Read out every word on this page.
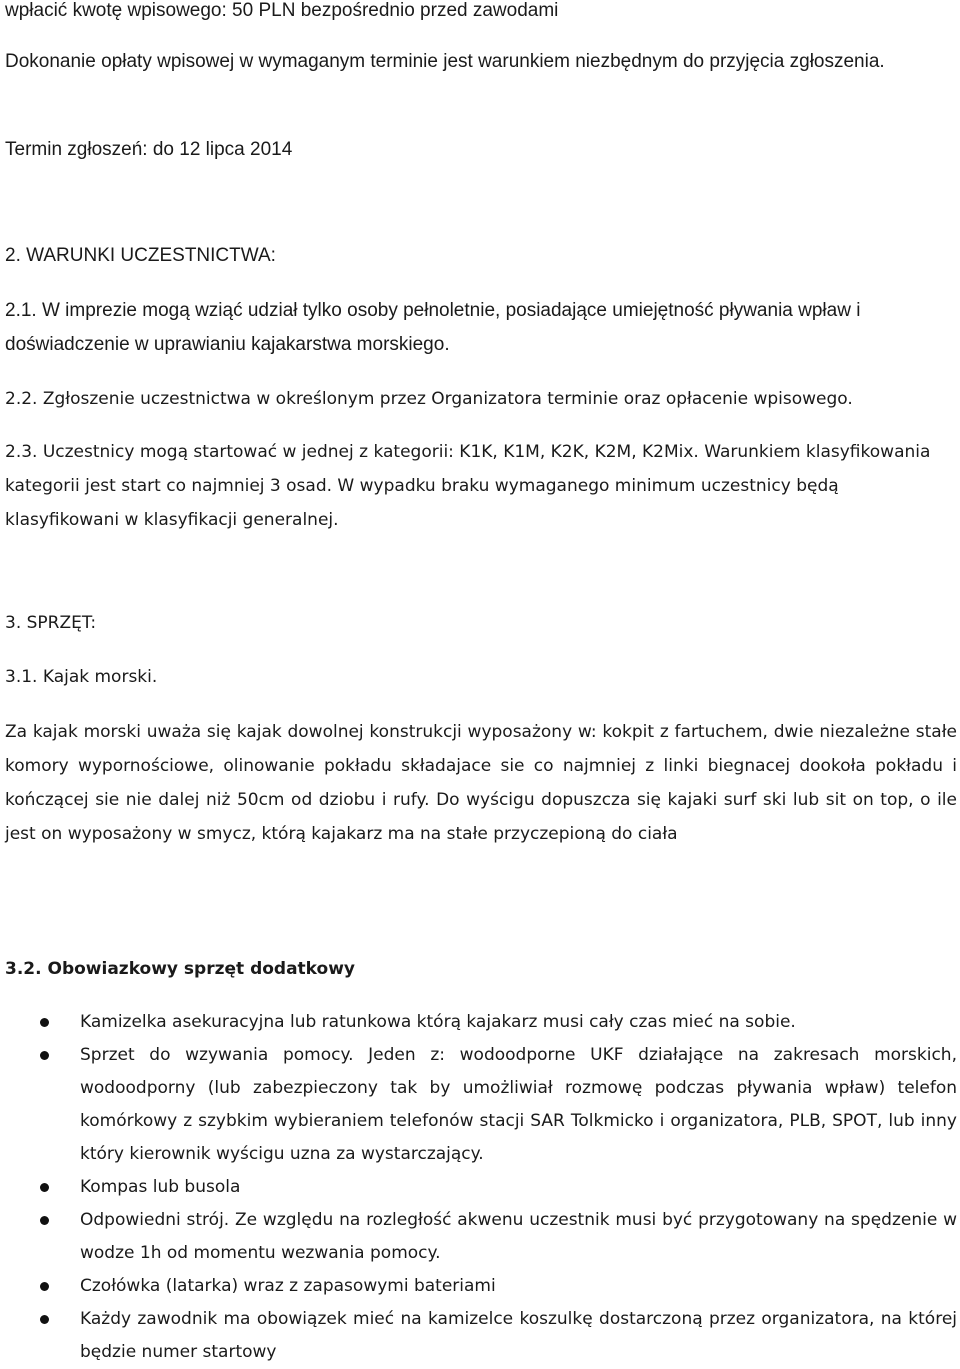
wpłacić kwotę wpisowego: 50 PLN bezpośrednio przed zawodami

Dokonanie opłaty wpisowej w wymaganym terminie jest warunkiem niezbędnym do przyjęcia zgłoszenia.

Termin zgłoszeń: do 12 lipca 2014

2. WARUNKI UCZESTNICTWA:

2.1. W imprezie mogą wziąć udział tylko osoby pełnoletnie, posiadające umiejętność pływania wpław i doświadczenie w uprawianiu kajakarstwa morskiego.

2.2. Zgłoszenie uczestnictwa w określonym przez Organizatora terminie oraz opłacenie wpisowego.

2.3. Uczestnicy mogą startować w jednej z kategorii: K1K, K1M, K2K, K2M, K2Mix. Warunkiem klasyfikowania kategorii jest start co najmniej 3 osad. W wypadku braku wymaganego minimum uczestnicy będą klasyfikowani w klasyfikacji generalnej.

3. SPRZĘT:

3.1. Kajak morski.

Za kajak morski uważa się kajak dowolnej konstrukcji wyposażony w: kokpit z fartuchem, dwie niezależne stałe komory wypornościowe, olinowanie pokładu składajace sie co najmniej z linki biegnacej dookoła pokładu i kończącej sie nie dalej niż 50cm od dziobu i rufy. Do wyścigu dopuszcza się kajaki surf ski lub sit on top, o ile jest on wyposażony w smycz, którą kajakarz ma na stałe przyczepioną do ciała

3.2. Obowiazkowy sprzęt dodatkowy

Kamizelka asekuracyjna lub ratunkowa którą kajakarz musi cały czas mieć na sobie.
Sprzet do wzywania pomocy. Jeden z: wodoodporne UKF działające na zakresach morskich, wodoodporny (lub zabezpieczony tak by umożliwiał rozmowę podczas pływania wpław) telefon komórkowy z szybkim wybieraniem telefonów stacji SAR Tolkmicko i organizatora, PLB, SPOT, lub inny który kierownik wyścigu uzna za wystarczający.
Kompas lub busola
Odpowiedni strój. Ze względu na rozległość akwenu uczestnik musi być przygotowany na spędzenie w wodze 1h od momentu wezwania pomocy.
Czołówka (latarka) wraz z zapasowymi bateriami
Każdy zawodnik ma obowiązek mieć na kamizelce koszulkę dostarczoną przez organizatora, na której będzie numer startowy
